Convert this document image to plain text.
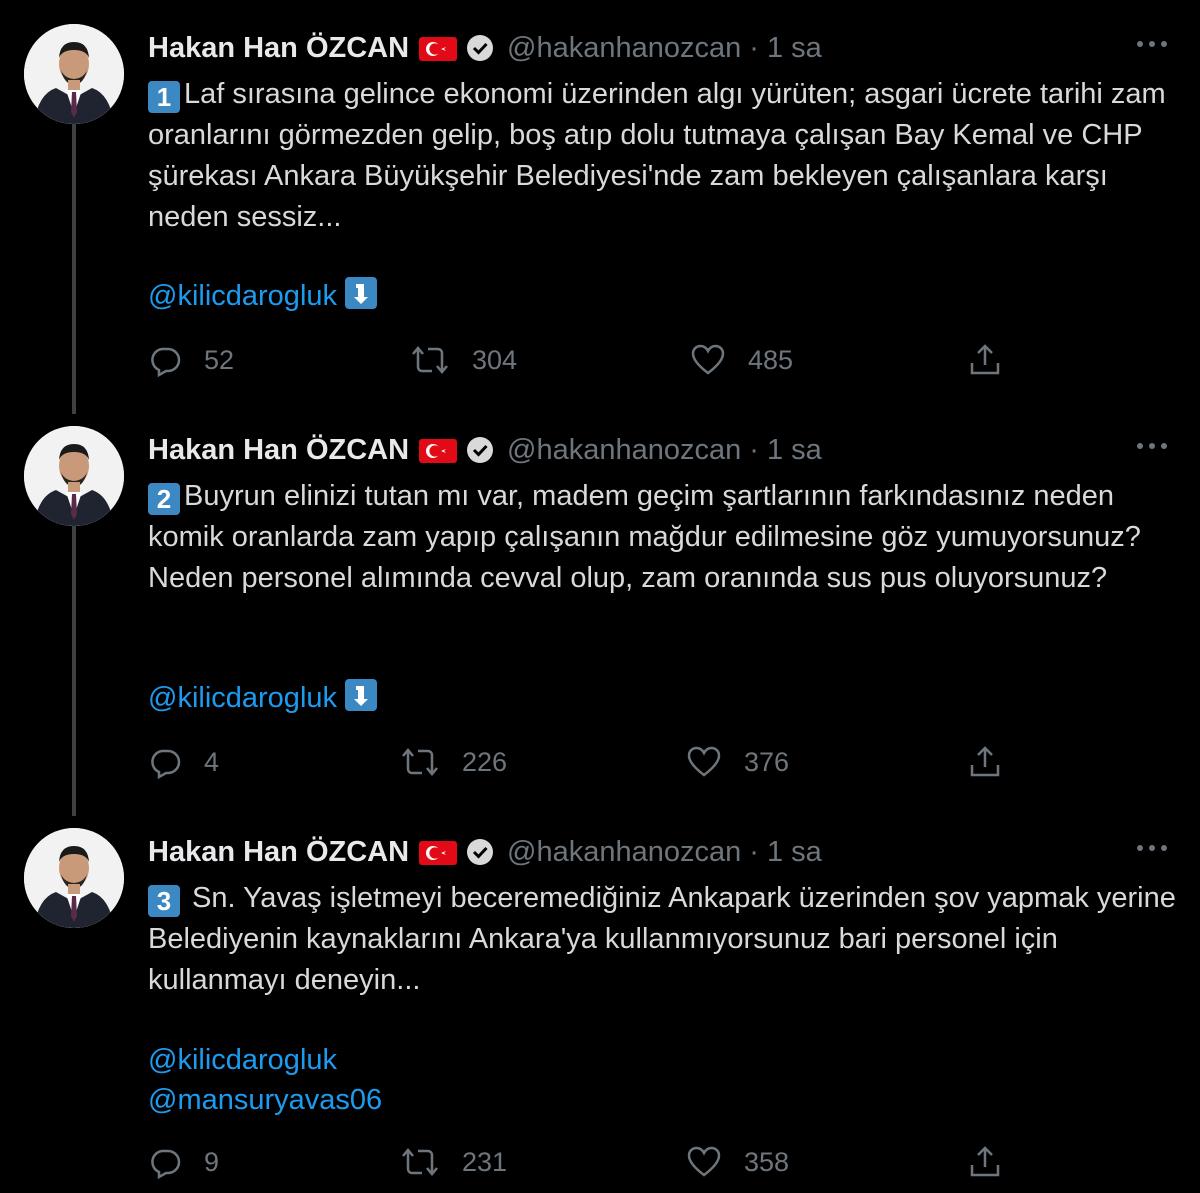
Hakan Han ÖZCAN	@hakanhanozcan · 1 sa
1 Laf sırasına gelince ekonomi üzerinden algı yürüten; asgari ücrete tarihi zam oranlarını görmezden gelip, boş atıp dolu tutmaya çalışan Bay Kemal ve CHP şürekası Ankara Büyükşehir Belediyesi'nde zam bekleyen çalışanlara karşı neden sessiz...
@kilicdarogluk
52	304	485
Hakan Han ÖZCAN	@hakanhanozcan · 1 sa
2 Buyrun elinizi tutan mı var, madem geçim şartlarının farkındasınız neden komik oranlarda zam yapıp çalışanın mağdur edilmesine göz yumuyorsunuz? Neden personel alımında cevval olup, zam oranında sus pus oluyorsunuz?
@kilicdarogluk
4	226	376
Hakan Han ÖZCAN	@hakanhanozcan · 1 sa
3 Sn. Yavaş işletmeyi beceremediğiniz Ankapark üzerinden şov yapmak yerine Belediyenin kaynaklarını Ankara'ya kullanmıyorsunuz bari personel için kullanmayı deneyin...
@kilicdarogluk
@mansuryavas06
9	231	358
